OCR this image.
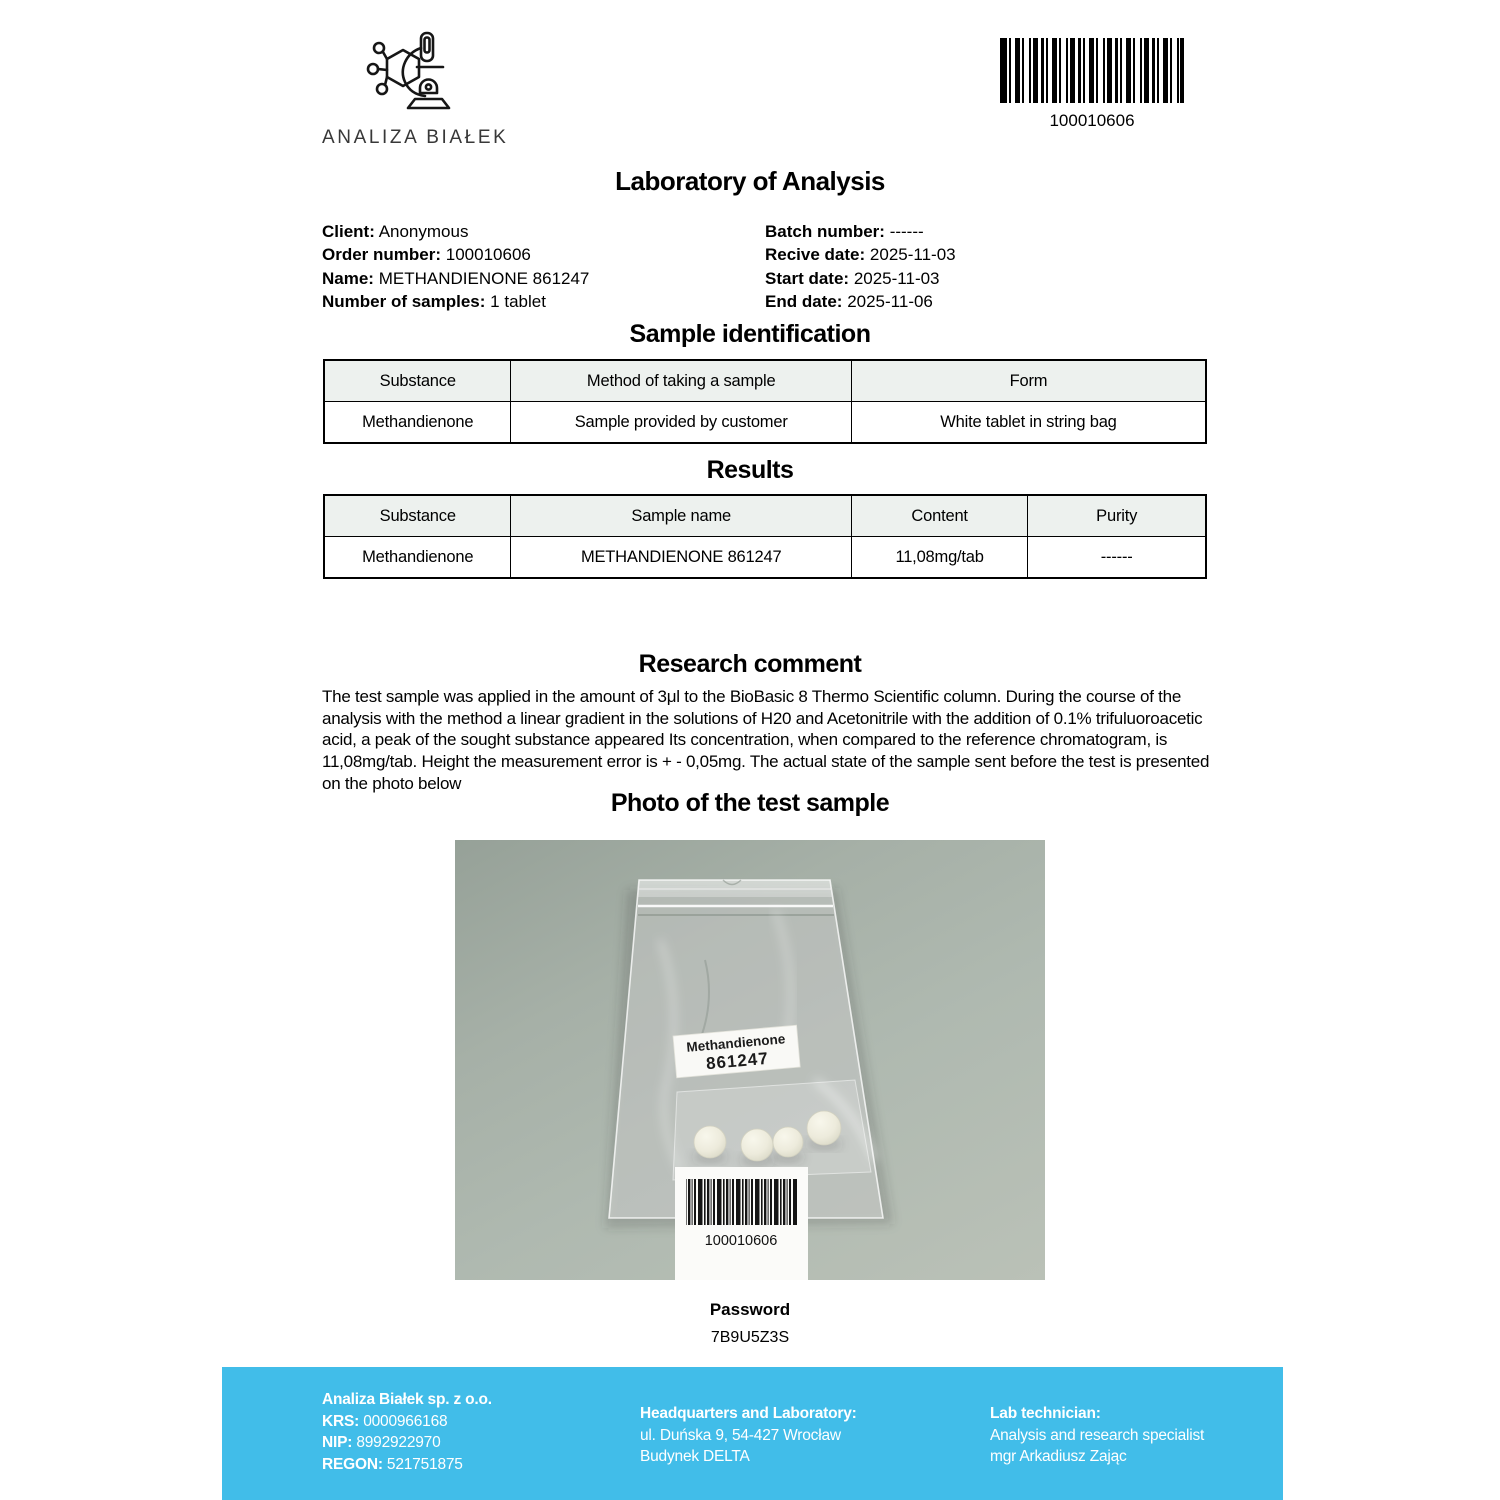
ANALIZA BIAŁEK
100010606
Laboratory of Analysis
Client: Anonymous
Order number: 100010606
Name: METHANDIENONE 861247
Number of samples: 1 tablet
Batch number: ------
Recive date: 2025-11-03
Start date: 2025-11-03
End date: 2025-11-06
Sample identification
Substance	Method of taking a sample	Form
Methandienone	Sample provided by customer	White tablet in string bag
Results
Substance	Sample name	Content	Purity
Methandienone	METHANDIENONE 861247	11,08mg/tab	------
Research comment

The test sample was applied in the amount of 3μl to the BioBasic 8 Thermo Scientific column. During the course of the analysis with the method a linear gradient in the solutions of H20 and Acetonitrile with the addition of 0.1% trifuluoroacetic acid, a peak of the sought substance appeared Its concentration, when compared to the reference chromatogram, is 11,08mg/tab. Height the measurement error is + - 0,05mg. The actual state of the sample sent before the test is presented on the photo below

Photo of the test sample
Methandienone
861247
100010606
Password
7B9U5Z3S
Analiza Białek sp. z o.o.
KRS: 0000966168
NIP: 8992922970
REGON: 521751875
Headquarters and Laboratory:
ul. Duńska 9, 54-427 Wrocław
Budynek DELTA
Lab technician:
Analysis and research specialist
mgr Arkadiusz Zając
